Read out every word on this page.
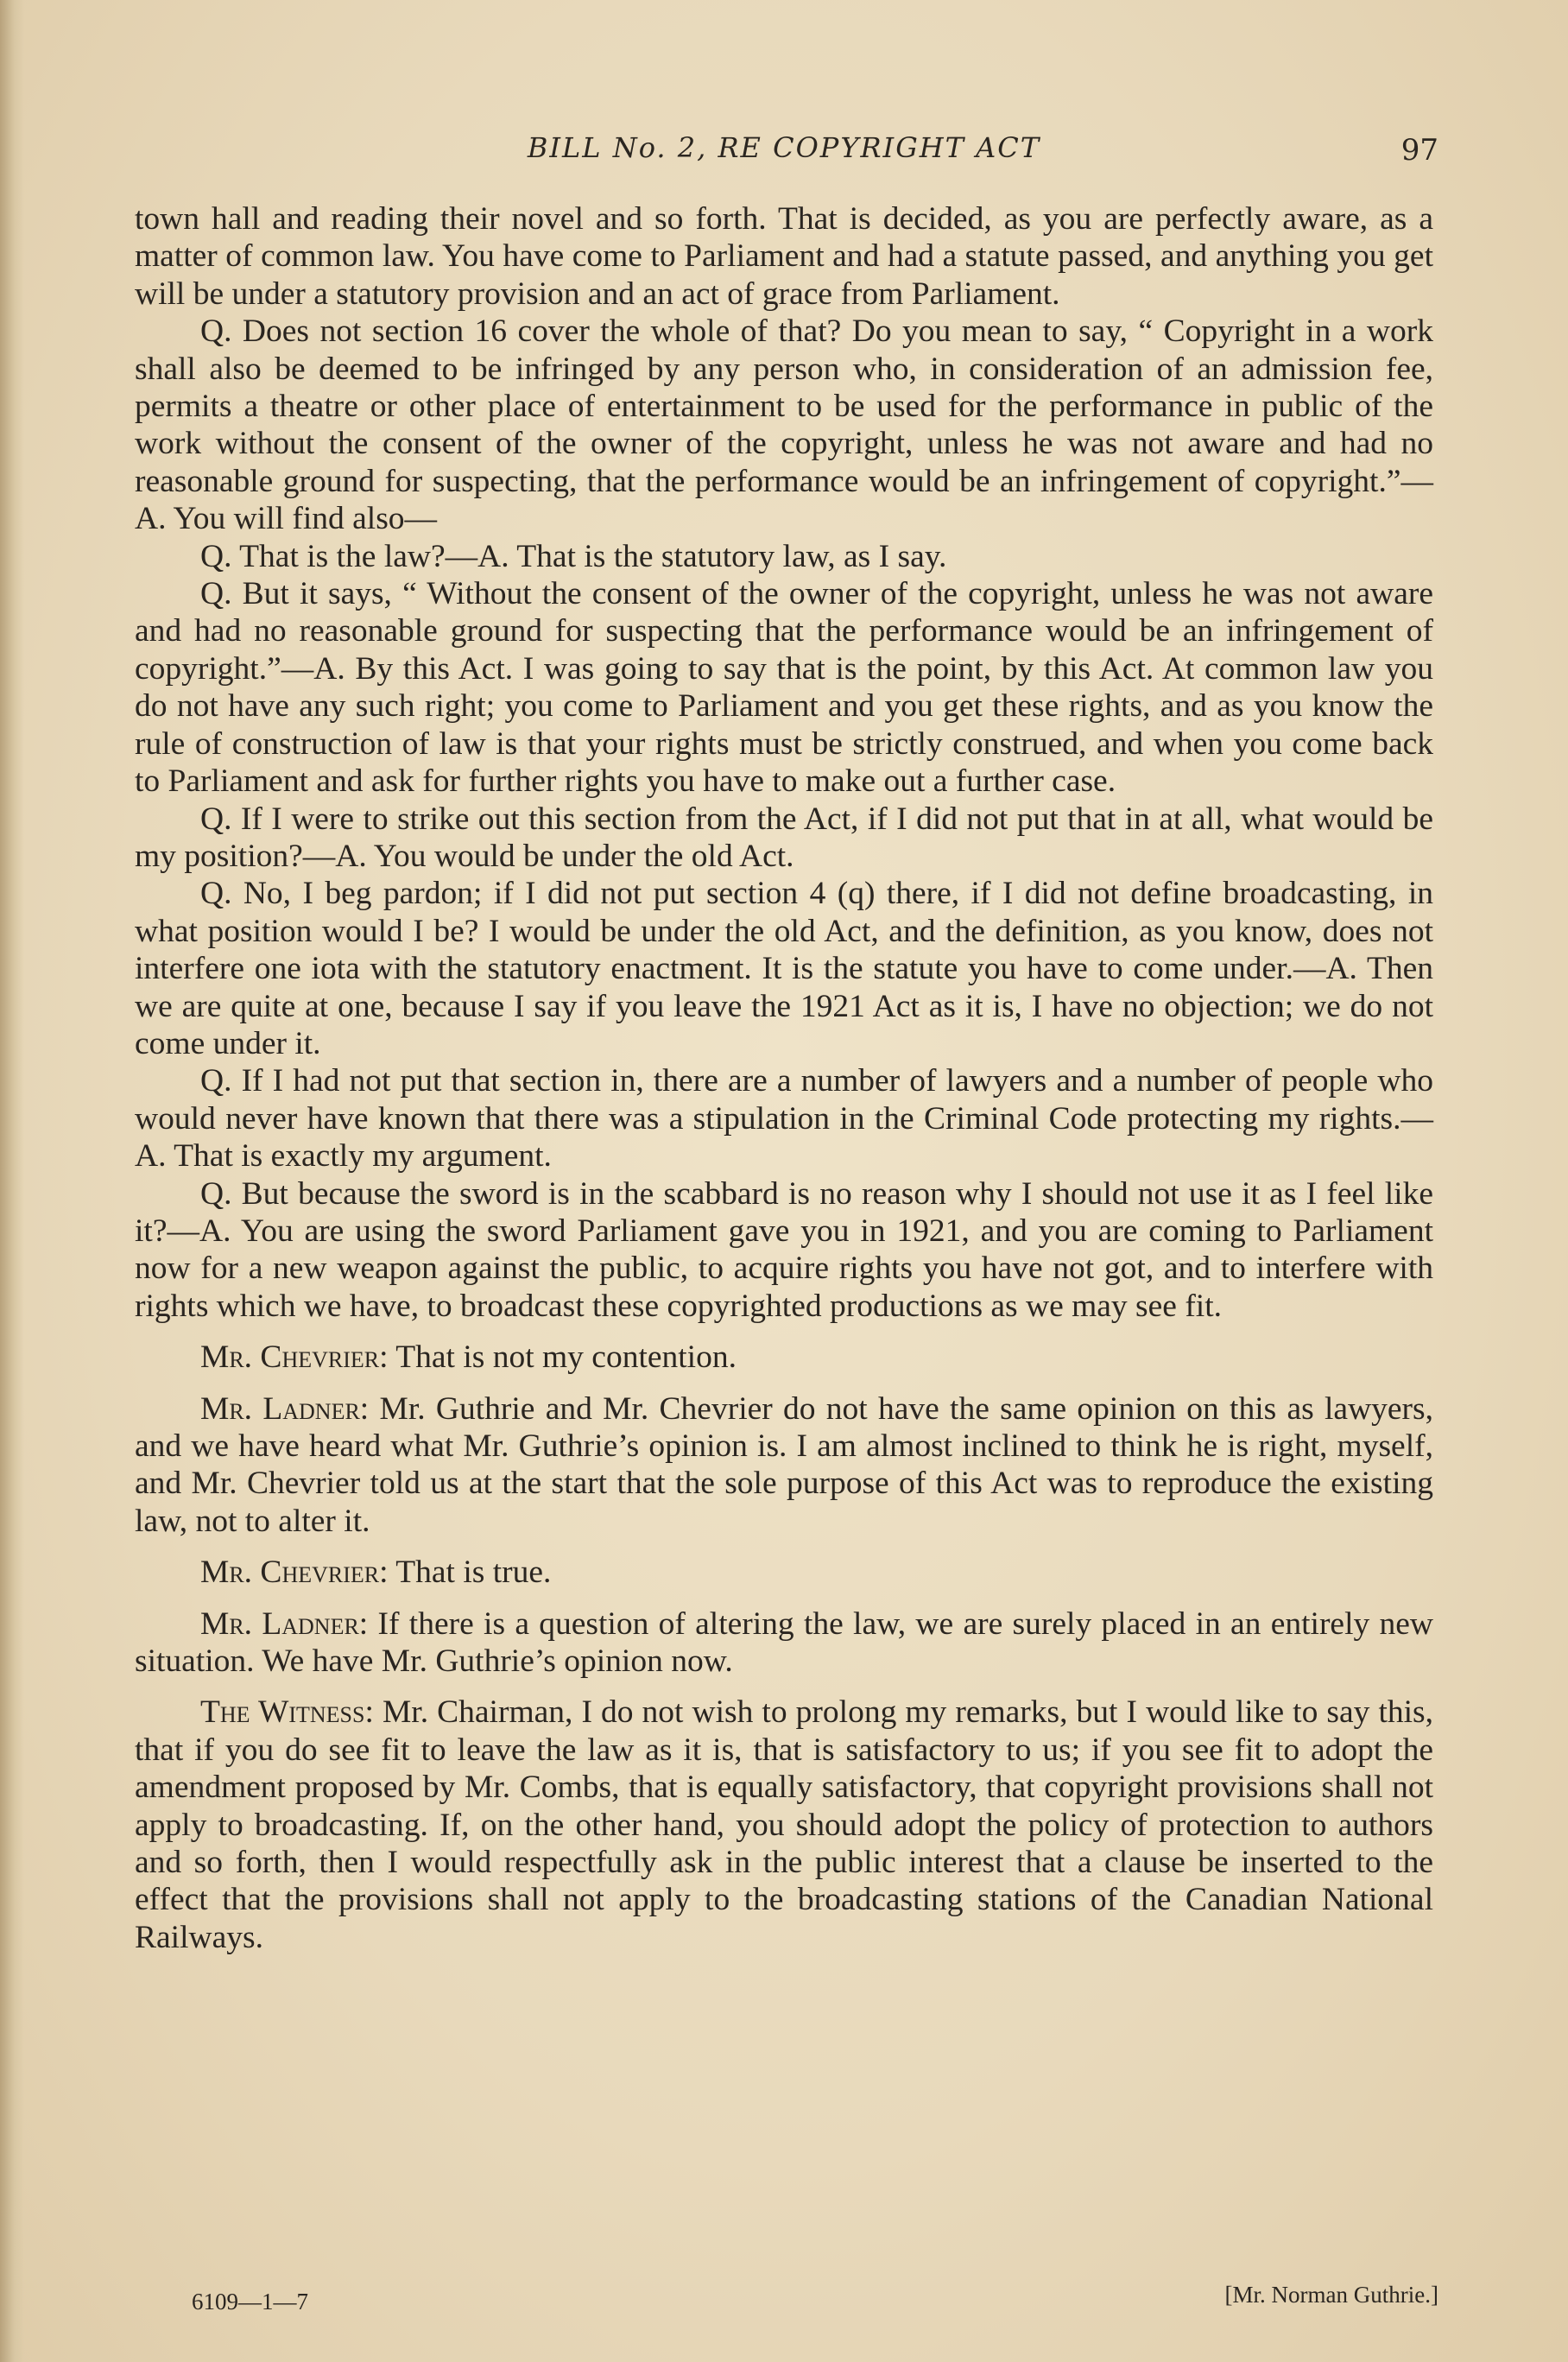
BILL No. 2, RE COPYRIGHT ACT	97

town hall and reading their novel and so forth. That is decided, as you are perfectly aware, as a matter of common law. You have come to Parliament and had a statute passed, and anything you get will be under a statutory provision and an act of grace from Parliament.

Q. Does not section 16 cover the whole of that? Do you mean to say, “ Copyright in a work shall also be deemed to be infringed by any person who, in consideration of an admission fee, permits a theatre or other place of entertainment to be used for the performance in public of the work without the consent of the owner of the copyright, unless he was not aware and had no reasonable ground for suspecting, that the performance would be an infringement of copyright.”—A. You will find also—

Q. That is the law?—A. That is the statutory law, as I say.

Q. But it says, “ Without the consent of the owner of the copyright, unless he was not aware and had no reasonable ground for suspecting that the performance would be an infringement of copyright.”—A. By this Act. I was going to say that is the point, by this Act. At common law you do not have any such right; you come to Parliament and you get these rights, and as you know the rule of construction of law is that your rights must be strictly construed, and when you come back to Parliament and ask for further rights you have to make out a further case.

Q. If I were to strike out this section from the Act, if I did not put that in at all, what would be my position?—A. You would be under the old Act.

Q. No, I beg pardon; if I did not put section 4 (q) there, if I did not define broadcasting, in what position would I be? I would be under the old Act, and the definition, as you know, does not interfere one iota with the statutory enactment. It is the statute you have to come under.—A. Then we are quite at one, because I say if you leave the 1921 Act as it is, I have no objection; we do not come under it.

Q. If I had not put that section in, there are a number of lawyers and a number of people who would never have known that there was a stipulation in the Criminal Code protecting my rights.—A. That is exactly my argument.

Q. But because the sword is in the scabbard is no reason why I should not use it as I feel like it?—A. You are using the sword Parliament gave you in 1921, and you are coming to Parliament now for a new weapon against the public, to acquire rights you have not got, and to interfere with rights which we have, to broadcast these copyrighted productions as we may see fit.

Mr. Chevrier: That is not my contention.

Mr. Ladner: Mr. Guthrie and Mr. Chevrier do not have the same opinion on this as lawyers, and we have heard what Mr. Guthrie’s opinion is. I am almost inclined to think he is right, myself, and Mr. Chevrier told us at the start that the sole purpose of this Act was to reproduce the existing law, not to alter it.

Mr. Chevrier: That is true.

Mr. Ladner: If there is a question of altering the law, we are surely placed in an entirely new situation. We have Mr. Guthrie’s opinion now.

The Witness: Mr. Chairman, I do not wish to prolong my remarks, but I would like to say this, that if you do see fit to leave the law as it is, that is satisfactory to us; if you see fit to adopt the amendment proposed by Mr. Combs, that is equally satisfactory, that copyright provisions shall not apply to broadcasting. If, on the other hand, you should adopt the policy of protection to authors and so forth, then I would respectfully ask in the public interest that a clause be inserted to the effect that the provisions shall not apply to the broadcasting stations of the Canadian National Railways.

6109—1—7	[Mr. Norman Guthrie.]
